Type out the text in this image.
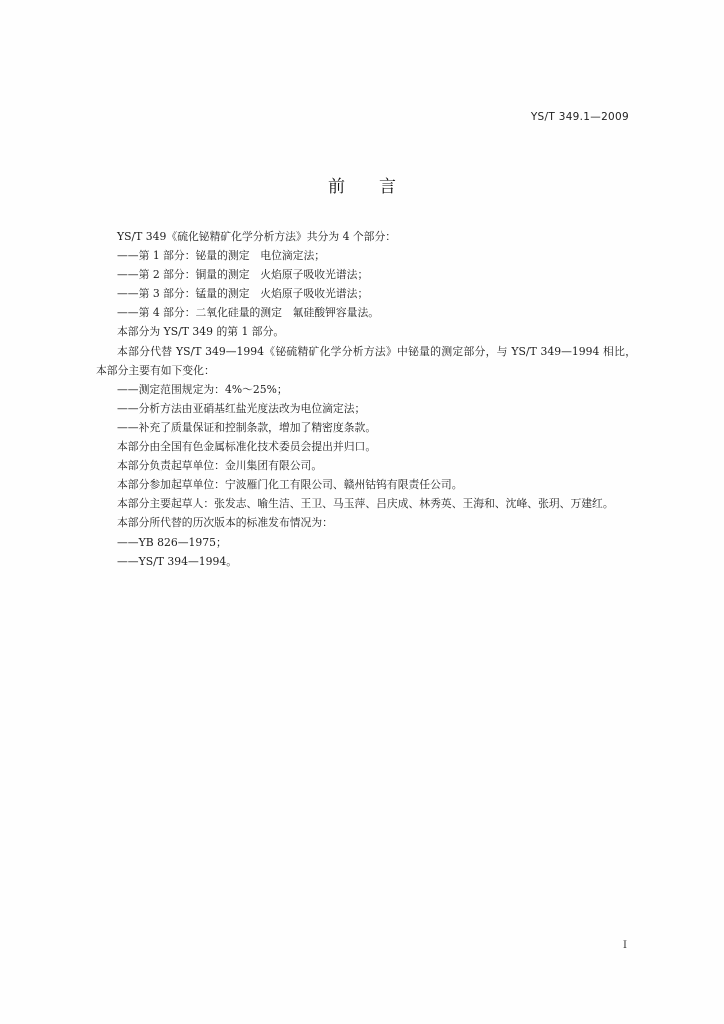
YS/T 349.1—2009
前言
YS/T 349《硫化铋精矿化学分析方法》共分为 4 个部分：
——第 1 部分：铋量的测定　电位滴定法；
——第 2 部分：铜量的测定　火焰原子吸收光谱法；
——第 3 部分：锰量的测定　火焰原子吸收光谱法；
——第 4 部分：二氧化硅量的测定　氟硅酸钾容量法。
本部分为 YS/T 349 的第 1 部分。
本部分代替 YS/T 349—1994《铋硫精矿化学分析方法》中铋量的测定部分，与 YS/T 349—1994 相比，本部分主要有如下变化：
——测定范围规定为：4%～25%；
——分析方法由亚硝基红盐光度法改为电位滴定法；
——补充了质量保证和控制条款，增加了精密度条款。
本部分由全国有色金属标准化技术委员会提出并归口。
本部分负责起草单位：金川集团有限公司。
本部分参加起草单位：宁波雁门化工有限公司、赣州钴钨有限责任公司。
本部分主要起草人：张发志、喻生洁、王卫、马玉萍、吕庆成、林秀英、王海和、沈峰、张玥、万建红。
本部分所代替的历次版本的标准发布情况为：
——YB 826—1975；
——YS/T 394—1994。
I
